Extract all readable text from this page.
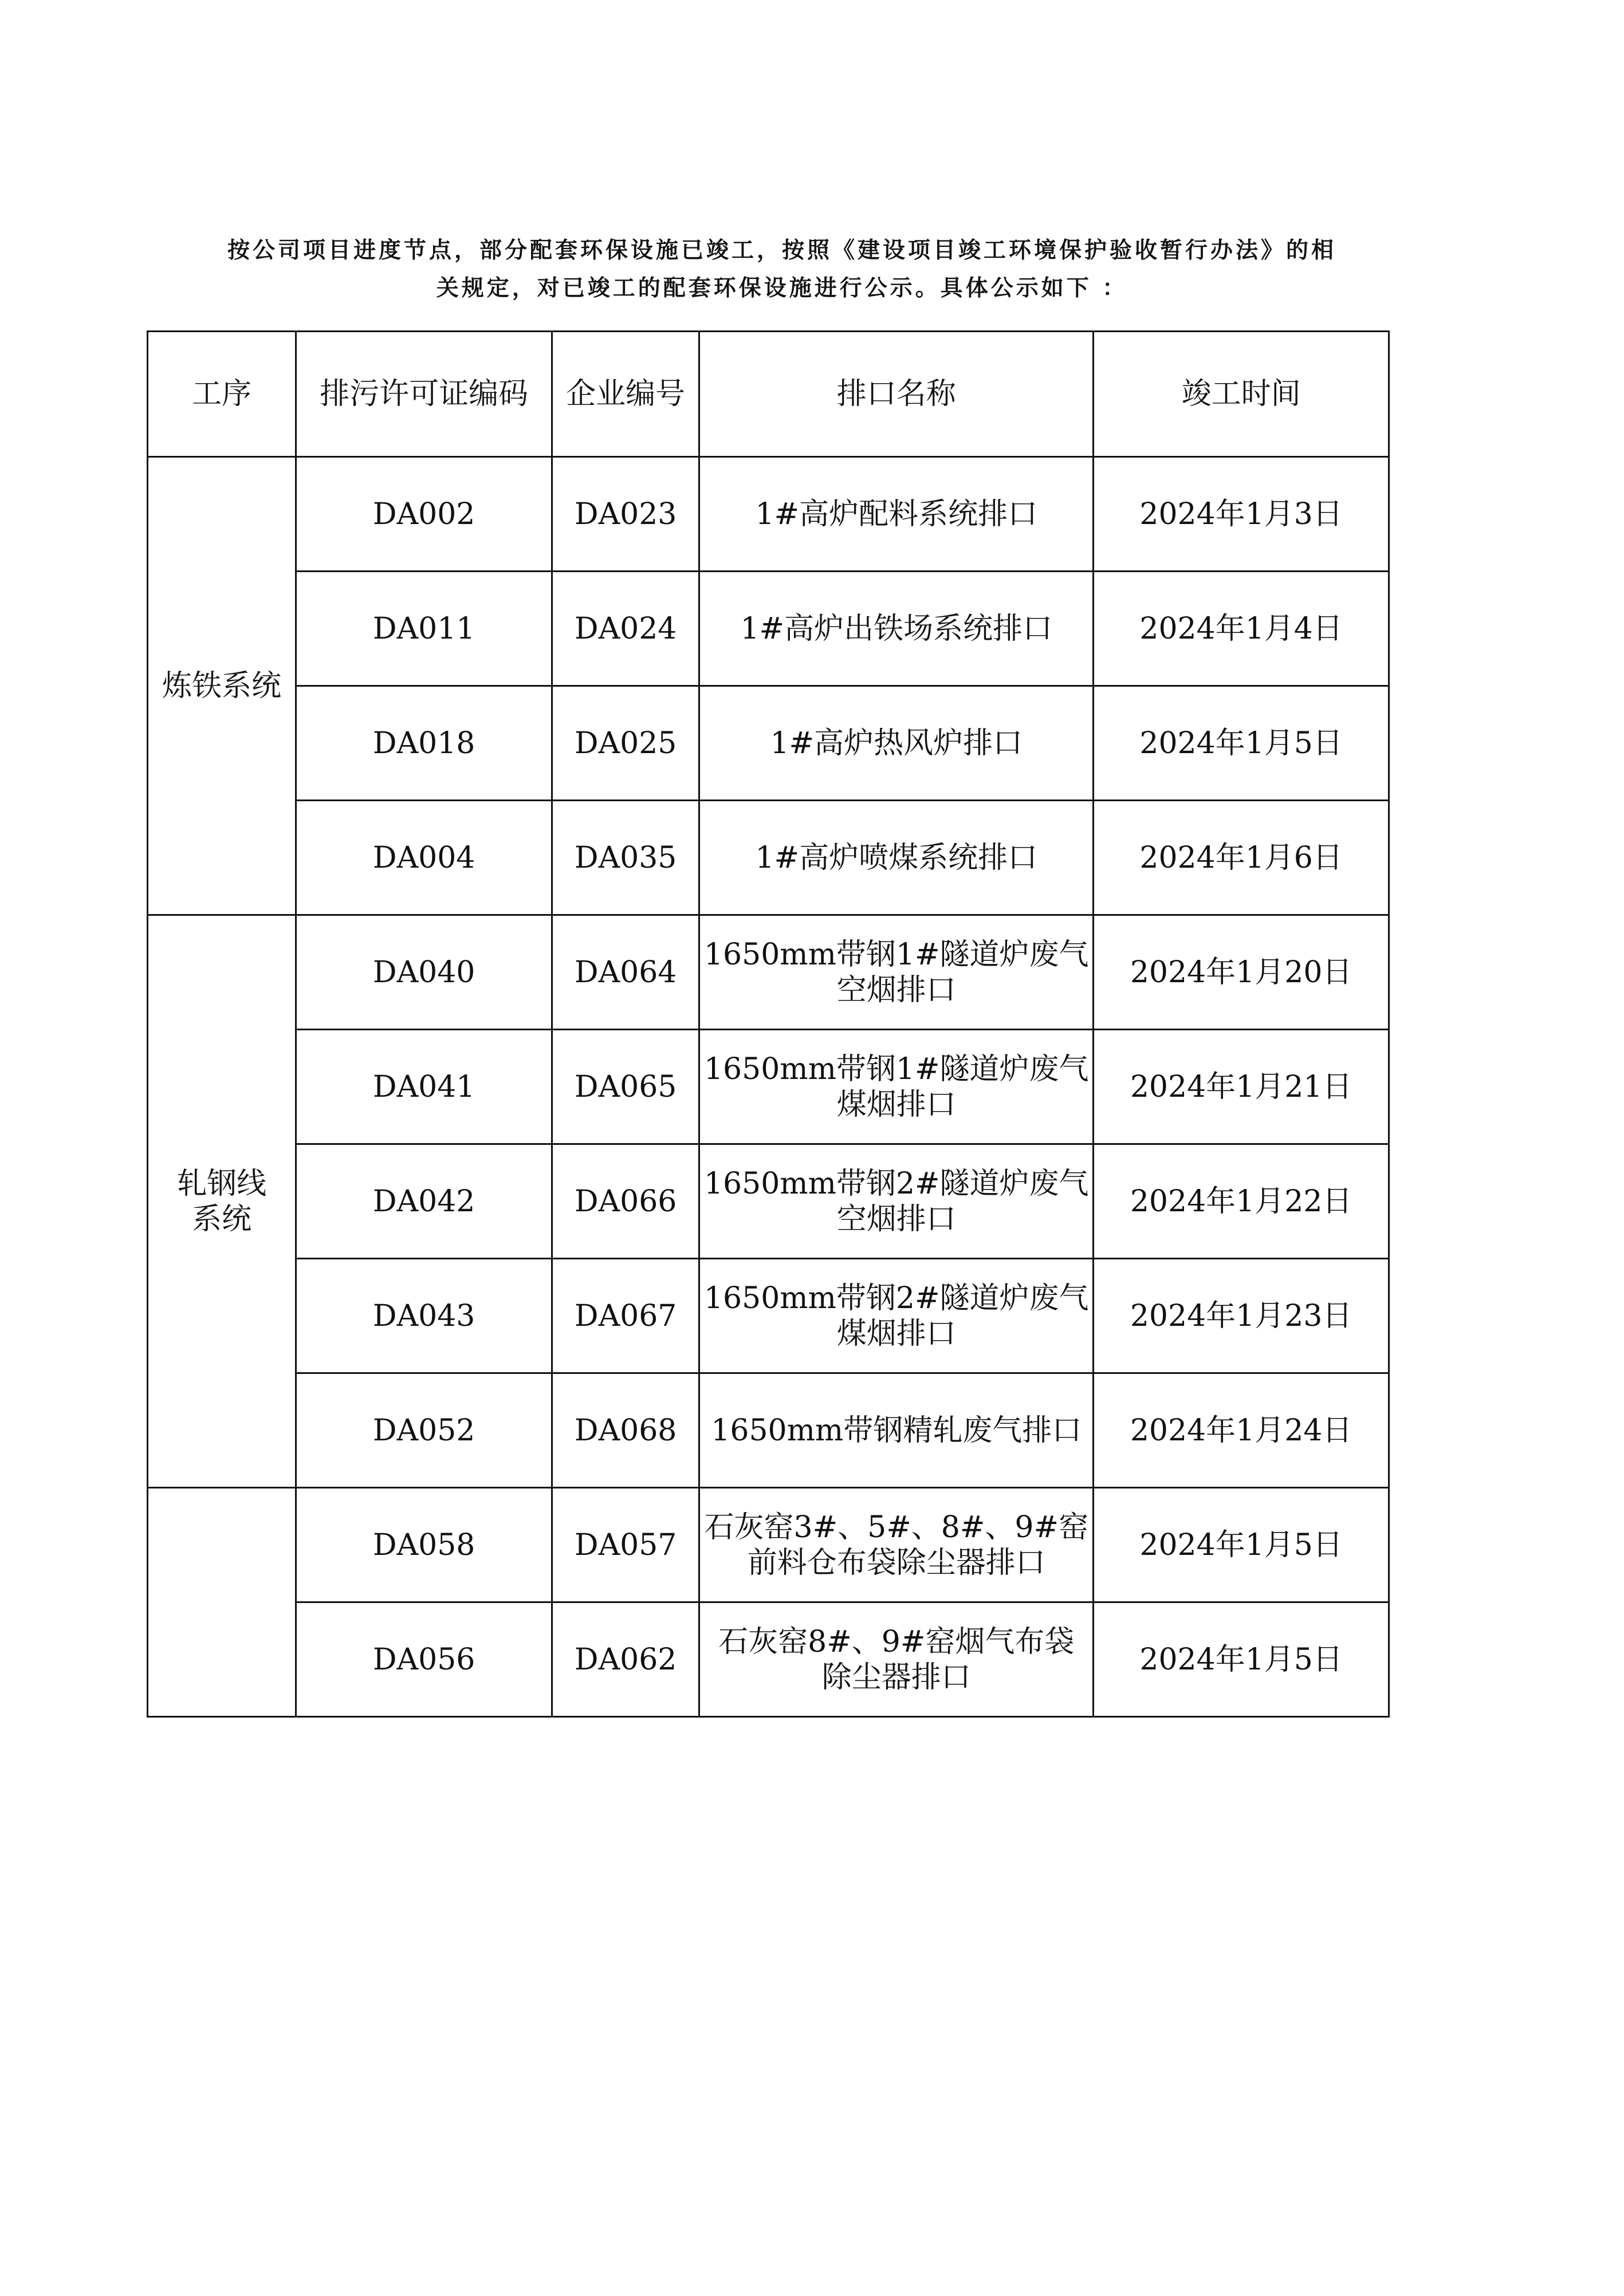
按公司项目进度节点，部分配套环保设施已竣工，按照《建设项目竣工环境保护验收暂行办法》的相
关规定，对已竣工的配套环保设施进行公示。具体公示如下 ：

工序	排污许可证编码	企业编号	排口名称	竣工时间
炼铁系统	DA002	DA023	1#高炉配料系统排口	2024年1月3日
	DA011	DA024	1#高炉出铁场系统排口	2024年1月4日
	DA018	DA025	1#高炉热风炉排口	2024年1月5日
	DA004	DA035	1#高炉喷煤系统排口	2024年1月6日
轧钢线系统	DA040	DA064	1650mm带钢1#隧道炉废气空烟排口	2024年1月20日
	DA041	DA065	1650mm带钢1#隧道炉废气煤烟排口	2024年1月21日
	DA042	DA066	1650mm带钢2#隧道炉废气空烟排口	2024年1月22日
	DA043	DA067	1650mm带钢2#隧道炉废气煤烟排口	2024年1月23日
	DA052	DA068	1650mm带钢精轧废气排口	2024年1月24日
	DA058	DA057	石灰窑3#、5#、8#、9#窑前料仓布袋除尘器排口	2024年1月5日
	DA056	DA062	石灰窑8#、9#窑烟气布袋除尘器排口	2024年1月5日
